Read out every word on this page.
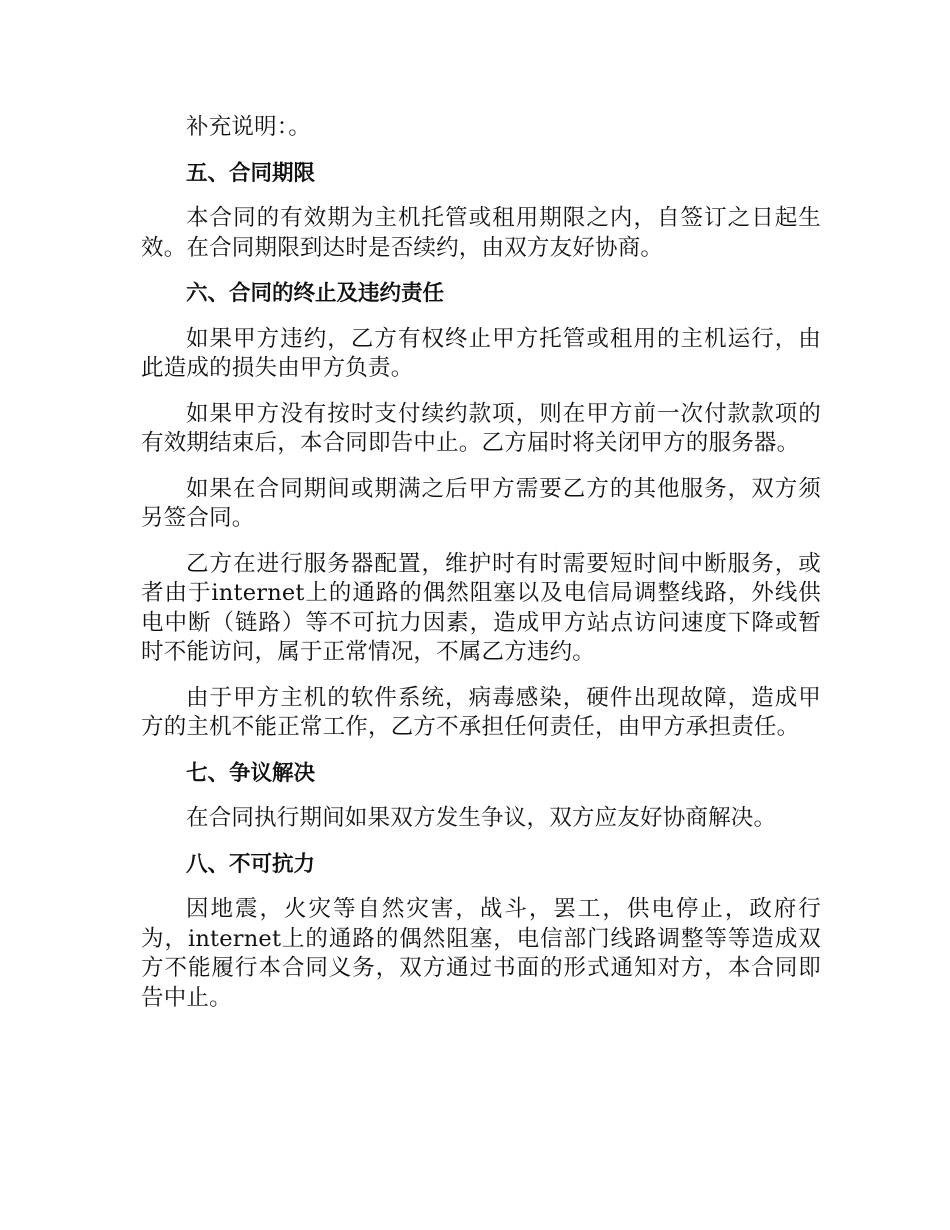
补充说明：。

五、合同期限

本合同的有效期为主机托管或租用期限之内，自签订之日起生效。在合同期限到达时是否续约，由双方友好协商。

六、合同的终止及违约责任

如果甲方违约，乙方有权终止甲方托管或租用的主机运行，由此造成的损失由甲方负责。

如果甲方没有按时支付续约款项，则在甲方前一次付款款项的有效期结束后，本合同即告中止。乙方届时将关闭甲方的服务器。

如果在合同期间或期满之后甲方需要乙方的其他服务，双方须另签合同。

乙方在进行服务器配置，维护时有时需要短时间中断服务，或者由于internet上的通路的偶然阻塞以及电信局调整线路，外线供电中断（链路）等不可抗力因素，造成甲方站点访问速度下降或暂时不能访问，属于正常情况，不属乙方违约。

由于甲方主机的软件系统，病毒感染，硬件出现故障，造成甲方的主机不能正常工作，乙方不承担任何责任，由甲方承担责任。

七、争议解决

在合同执行期间如果双方发生争议，双方应友好协商解决。

八、不可抗力

因地震，火灾等自然灾害，战斗，罢工，供电停止，政府行为，internet上的通路的偶然阻塞，电信部门线路调整等等造成双方不能履行本合同义务，双方通过书面的形式通知对方，本合同即告中止。
